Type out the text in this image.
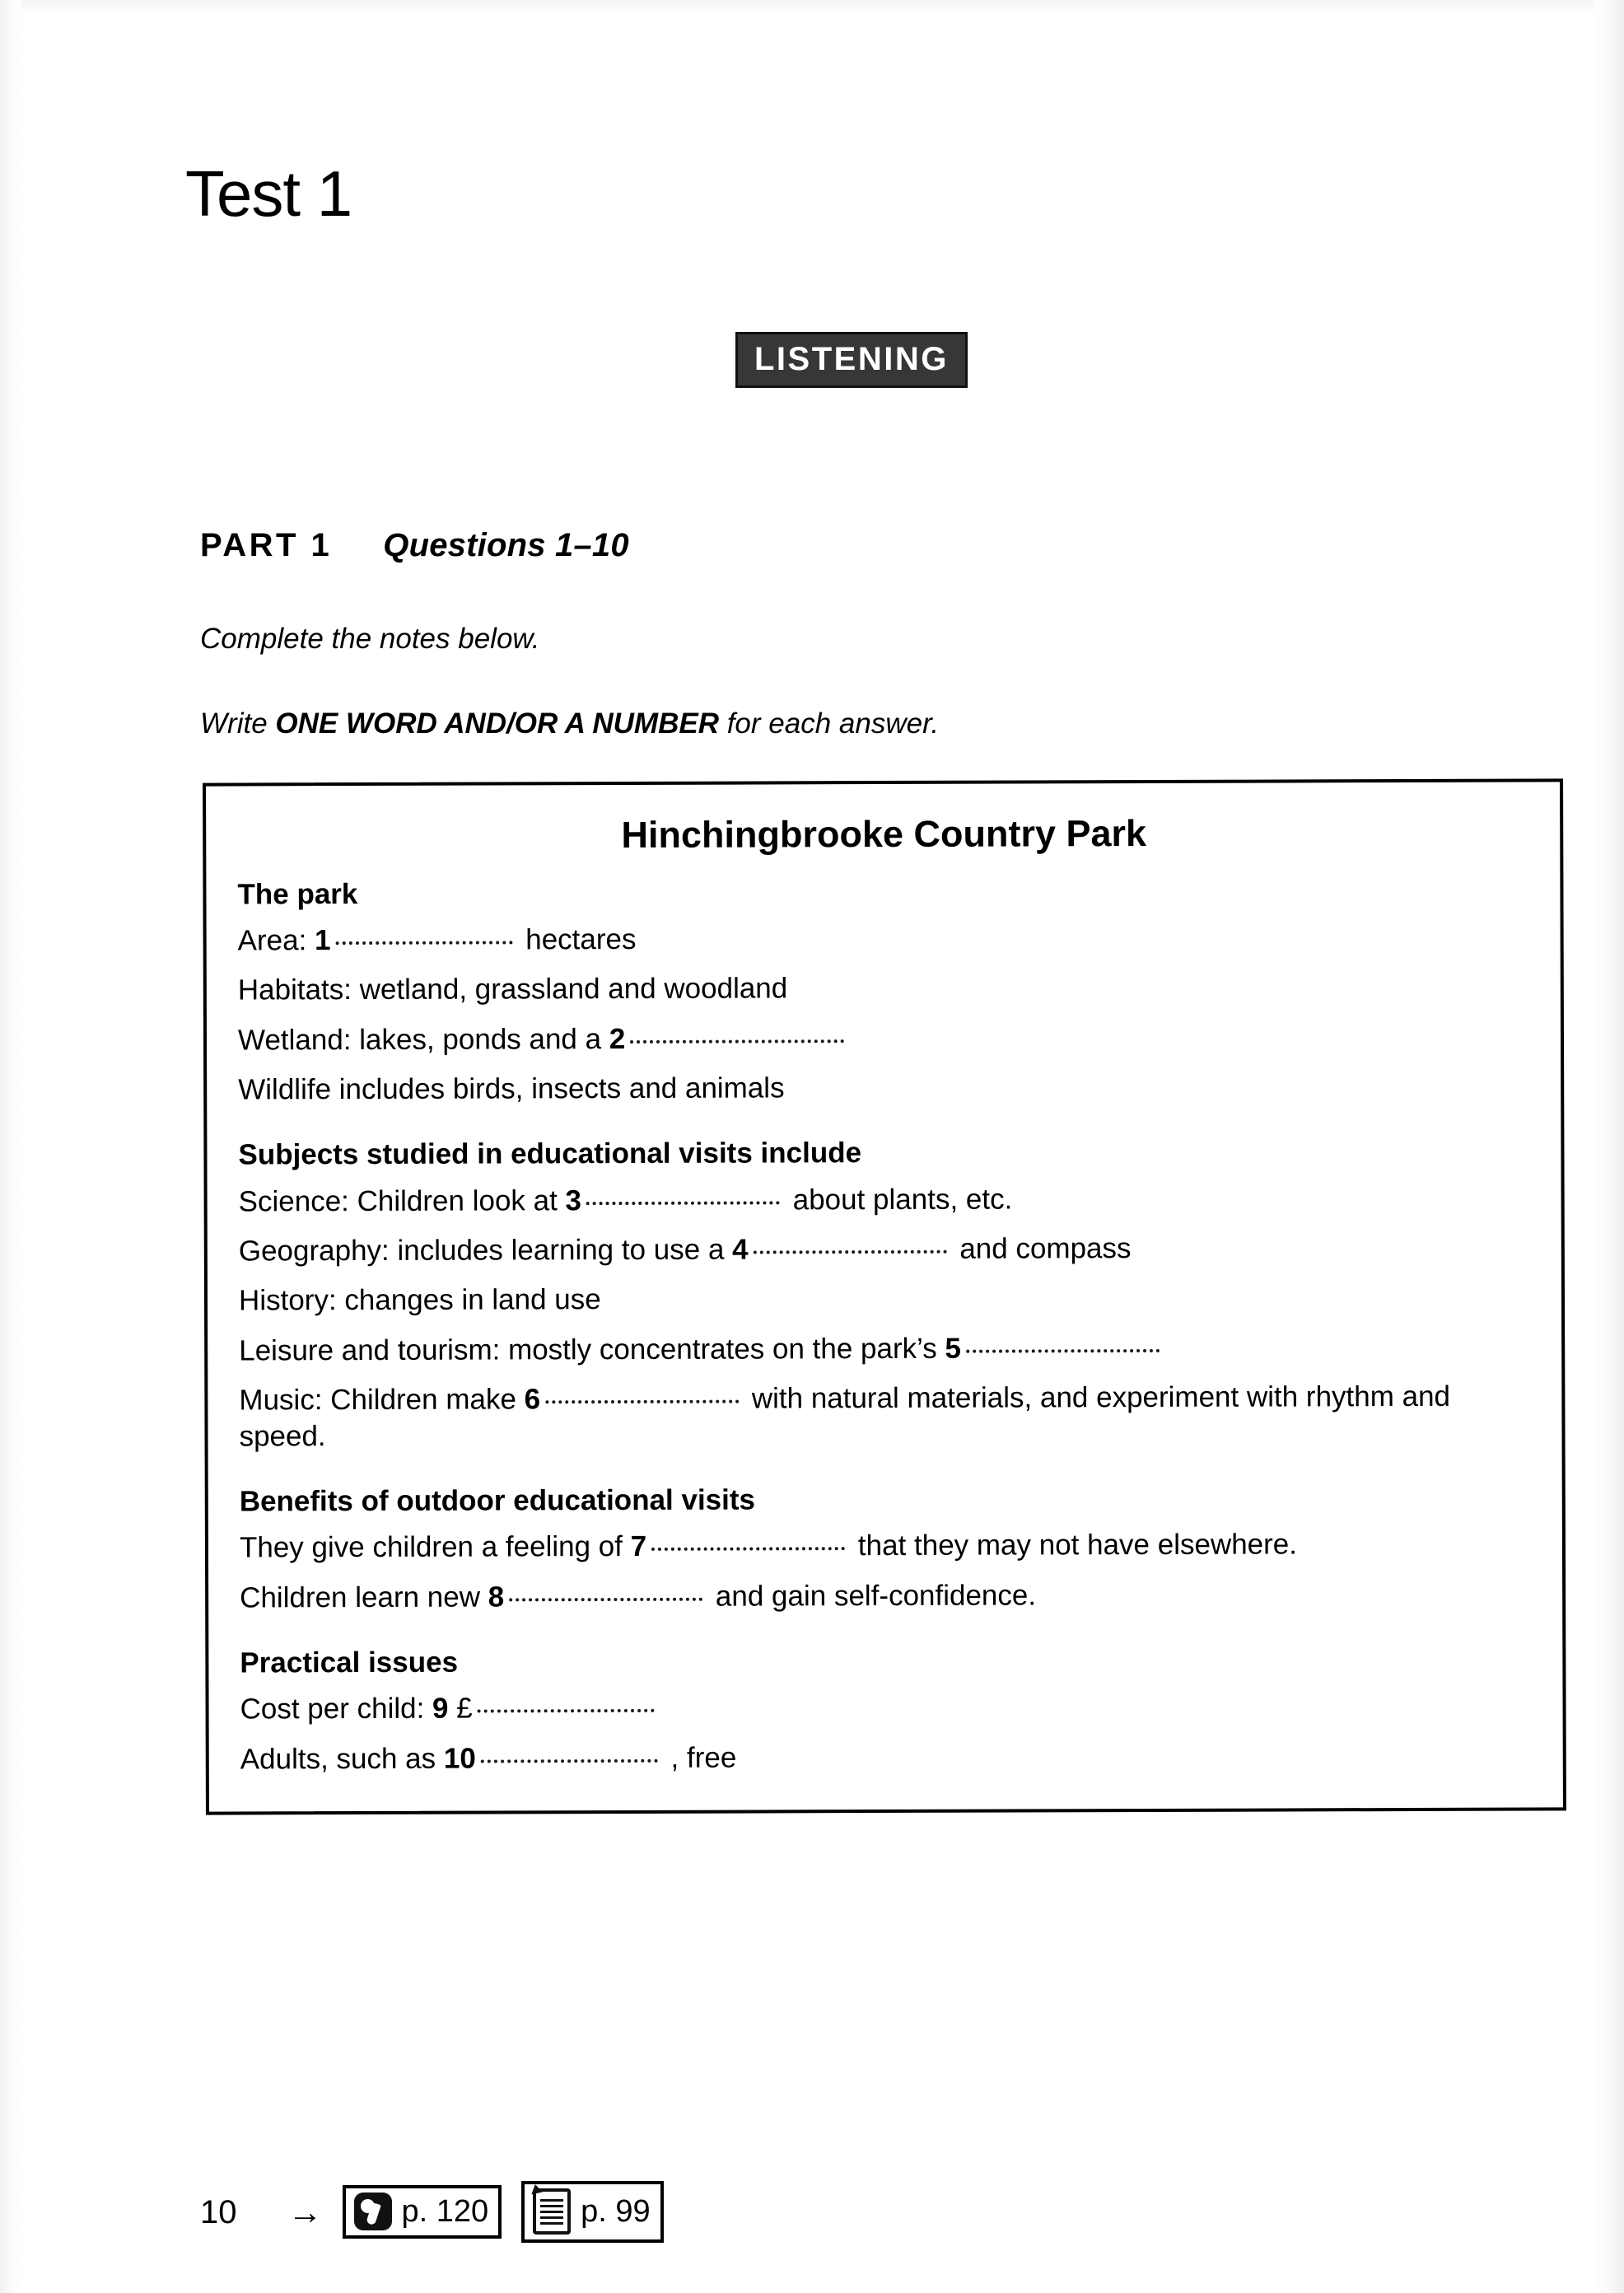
Test 1
LISTENING
PART 1 Questions 1–10
Complete the notes below.
Write ONE WORD AND/OR A NUMBER for each answer.
Hinchingbrooke Country Park
The park
Area: 1	hectares
Habitats: wetland, grassland and woodland
Wetland: lakes, ponds and a 2
Wildlife includes birds, insects and animals
Subjects studied in educational visits include
Science: Children look at 3	about plants, etc.
Geography: includes learning to use a 4	and compass
History: changes in land use
Leisure and tourism: mostly concentrates on the park’s 5
Music: Children make 6	with natural materials, and experiment with rhythm and speed.
Benefits of outdoor educational visits
They give children a feeling of 7	that they may not have elsewhere.
Children learn new 8	and gain self-confidence.
Practical issues
Cost per child: 9 £
Adults, such as 10	, free
10 →	p. 120	p. 99
